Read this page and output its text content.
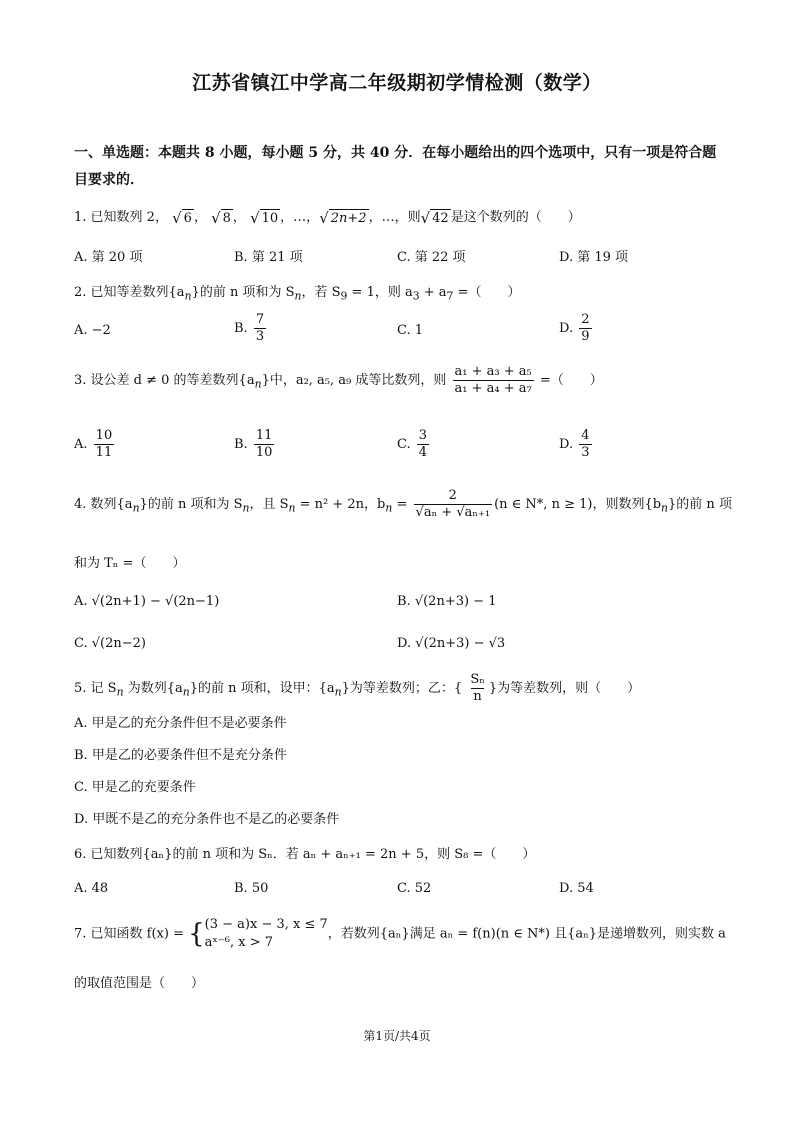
江苏省镇江中学高二年级期初学情检测（数学）
一、单选题：本题共 8 小题，每小题 5 分，共 40 分．在每小题给出的四个选项中，只有一项是符合题目要求的．
1. 已知数列 2， √ 6 ， √ 8 ， √ 10 ，…， √ 2n+2 ，…，则 √ 42 是这个数列的（　　）
A. 第 20 项	B. 第 21 项	C. 第 22 项	D. 第 19 项
2. 已知等差数列$\{a_n\}$的前 n 项和为 $S_n$，若 $S_9 = 1$，则 $a_3 + a_7$ =（　　）
A. −2	B. $\frac{7}{3}$	C. 1	D. $\frac{2}{9}$
3. 设公差 d ≠ 0 的等差数列$\{a_n\}$中，a₂, a₅, a₉ 成等比数列，则 $\frac{\text{a₁ + a₃ + a₅}}{\text{a₁ + a₄ + a₇}}$ =（　　）
A. $\frac{10}{11}$	B. $\frac{11}{10}$	C. $\frac{3}{4}$	D. $\frac{4}{3}$
4. 数列$\{a_n\}$的前 n 项和为 $S_n$，且 $S_n = n^2 + 2n$，$b_n = \frac{2}{\text{√aₙ + √aₙ₊₁}} (n$ ∈ N*, n ≥ 1)，则数列$\{b_n\}$的前 n 项
和为 Tₙ =（　　）
A. √(2n+1) − √(2n−1)	B. √(2n+3) − 1
C. √(2n−2)	D. √(2n+3) − √3
5. 记 $S_n$ 为数列$\{a_n\}$的前 n 项和，设甲：$\{a_n\}$为等差数列；乙：{ $\frac{\text{Sₙ}}{n}$ }为等差数列，则（　　）
A. 甲是乙的充分条件但不是必要条件
B. 甲是乙的必要条件但不是充分条件
C. 甲是乙的充要条件
D. 甲既不是乙的充分条件也不是乙的必要条件
6. 已知数列{aₙ}的前 n 项和为 Sₙ．若 aₙ + aₙ₊₁ = 2n + 5，则 S₈ =（　　）
A. 48	B. 50	C. 52	D. 54
7. 已知函数 f(x) = { (3 − a)x − 3, x ≤ 7
aˣ⁻⁶, x > 7
，若数列{aₙ}满足 aₙ = f(n)(n ∈ N*) 且{aₙ}是递增数列，则实数 a
的取值范围是（　　）
第1页/共4页
